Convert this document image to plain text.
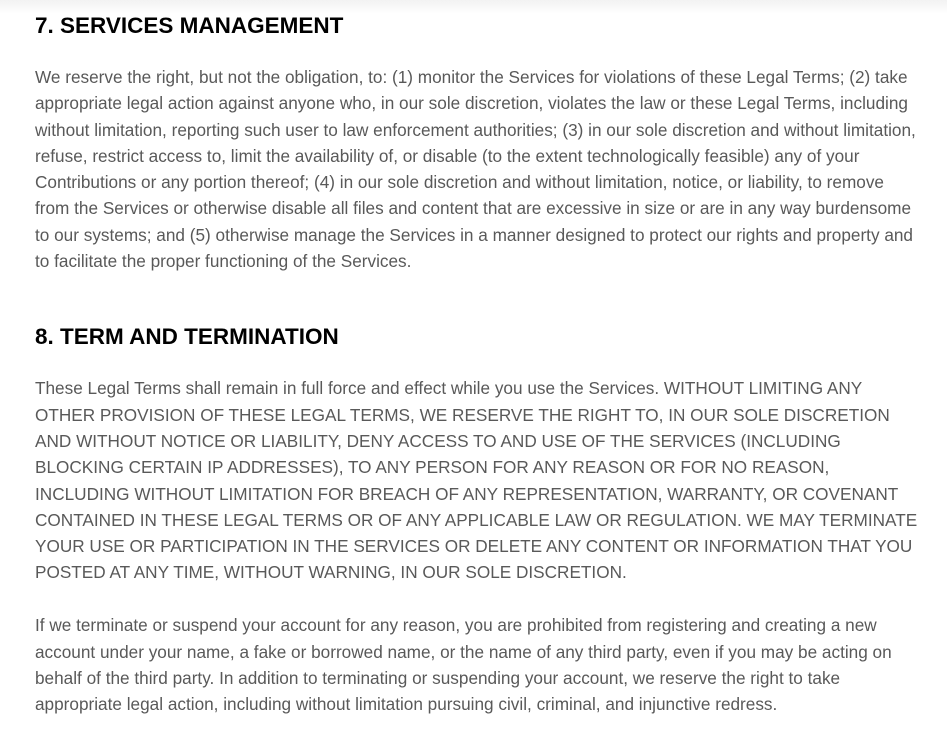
7. SERVICES MANAGEMENT

We reserve the right, but not the obligation, to: (1) monitor the Services for violations of these Legal Terms; (2) take appropriate legal action against anyone who, in our sole discretion, violates the law or these Legal Terms, including without limitation, reporting such user to law enforcement authorities; (3) in our sole discretion and without limitation, refuse, restrict access to, limit the availability of, or disable (to the extent technologically feasible) any of your Contributions or any portion thereof; (4) in our sole discretion and without limitation, notice, or liability, to remove from the Services or otherwise disable all files and content that are excessive in size or are in any way burdensome to our systems; and (5) otherwise manage the Services in a manner designed to protect our rights and property and to facilitate the proper functioning of the Services.

8. TERM AND TERMINATION

These Legal Terms shall remain in full force and effect while you use the Services. WITHOUT LIMITING ANY OTHER PROVISION OF THESE LEGAL TERMS, WE RESERVE THE RIGHT TO, IN OUR SOLE DISCRETION AND WITHOUT NOTICE OR LIABILITY, DENY ACCESS TO AND USE OF THE SERVICES (INCLUDING BLOCKING CERTAIN IP ADDRESSES), TO ANY PERSON FOR ANY REASON OR FOR NO REASON, INCLUDING WITHOUT LIMITATION FOR BREACH OF ANY REPRESENTATION, WARRANTY, OR COVENANT CONTAINED IN THESE LEGAL TERMS OR OF ANY APPLICABLE LAW OR REGULATION. WE MAY TERMINATE YOUR USE OR PARTICIPATION IN THE SERVICES OR DELETE ANY CONTENT OR INFORMATION THAT YOU POSTED AT ANY TIME, WITHOUT WARNING, IN OUR SOLE DISCRETION.

If we terminate or suspend your account for any reason, you are prohibited from registering and creating a new account under your name, a fake or borrowed name, or the name of any third party, even if you may be acting on behalf of the third party. In addition to terminating or suspending your account, we reserve the right to take appropriate legal action, including without limitation pursuing civil, criminal, and injunctive redress.
